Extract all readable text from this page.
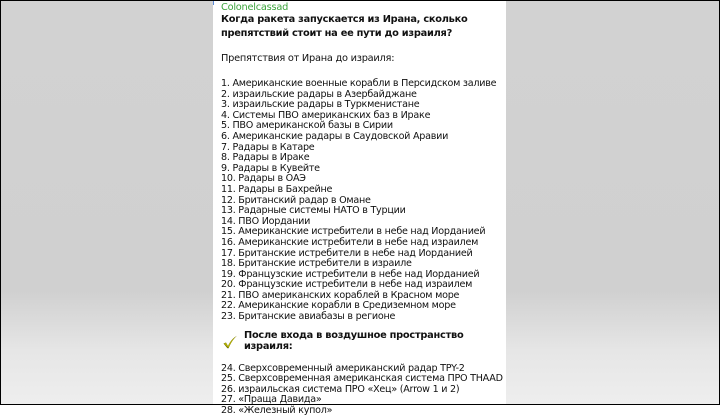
Colonelcassad
Когда ракета запускается из Ирана, сколько препятствий стоит на ее пути до израиля?
Препятствия от Ирана до израиля:
1. Американские военные корабли в Персидском заливе
2. израильские радары в Азербайджане
3. израильские радары в Туркменистане
4. Системы ПВО американских баз в Ираке
5. ПВО американской базы в Сирии
6. Американские радары в Саудовской Аравии
7. Радары в Катаре
8. Радары в Ираке
9. Радары в Кувейте
10. Радары в ОАЭ
11. Радары в Бахрейне
12. Британский радар в Омане
13. Радарные системы НАТО в Турции
14. ПВО Иордании
15. Американские истребители в небе над Иорданией
16. Американские истребители в небе над израилем
17. Британские истребители в небе над Иорданией
18. Британские истребители в израиле
19. Французские истребители в небе над Иорданией
20. Французские истребители в небе над израилем
21. ПВО американских кораблей в Красном море
22. Американские корабли в Средиземном море
23. Британские авиабазы в регионе
После входа в воздушное пространство израиля:
24. Сверхсовременный американский радар TPY-2
25. Сверхсовременная американская система ПРО THAAD
26. израильская система ПРО «Хец» (Arrow 1 и 2)
27. «Праща Давида»
28. «Железный купол»
